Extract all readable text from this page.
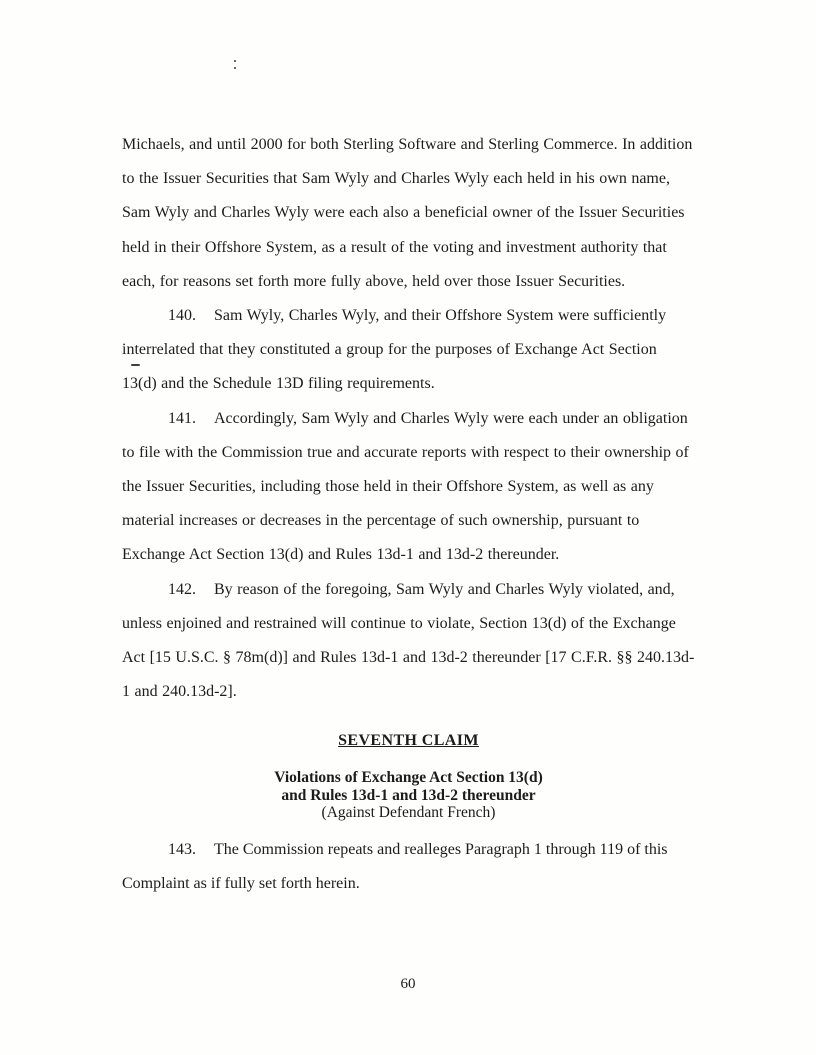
Michaels, and until 2000 for both Sterling Software and Sterling Commerce. In addition to the Issuer Securities that Sam Wyly and Charles Wyly each held in his own name, Sam Wyly and Charles Wyly were each also a beneficial owner of the Issuer Securities held in their Offshore System, as a result of the voting and investment authority that each, for reasons set forth more fully above, held over those Issuer Securities.

140. Sam Wyly, Charles Wyly, and their Offshore System were sufficiently interrelated that they constituted a group for the purposes of Exchange Act Section 13(d) and the Schedule 13D filing requirements.

141. Accordingly, Sam Wyly and Charles Wyly were each under an obligation to file with the Commission true and accurate reports with respect to their ownership of the Issuer Securities, including those held in their Offshore System, as well as any material increases or decreases in the percentage of such ownership, pursuant to Exchange Act Section 13(d) and Rules 13d-1 and 13d-2 thereunder.

142. By reason of the foregoing, Sam Wyly and Charles Wyly violated, and, unless enjoined and restrained will continue to violate, Section 13(d) of the Exchange Act [15 U.S.C. § 78m(d)] and Rules 13d-1 and 13d-2 thereunder [17 C.F.R. §§ 240.13d-1 and 240.13d-2].

SEVENTH CLAIM
Violations of Exchange Act Section 13(d)
and Rules 13d-1 and 13d-2 thereunder
(Against Defendant French)

143. The Commission repeats and realleges Paragraph 1 through 119 of this Complaint as if fully set forth herein.

60
